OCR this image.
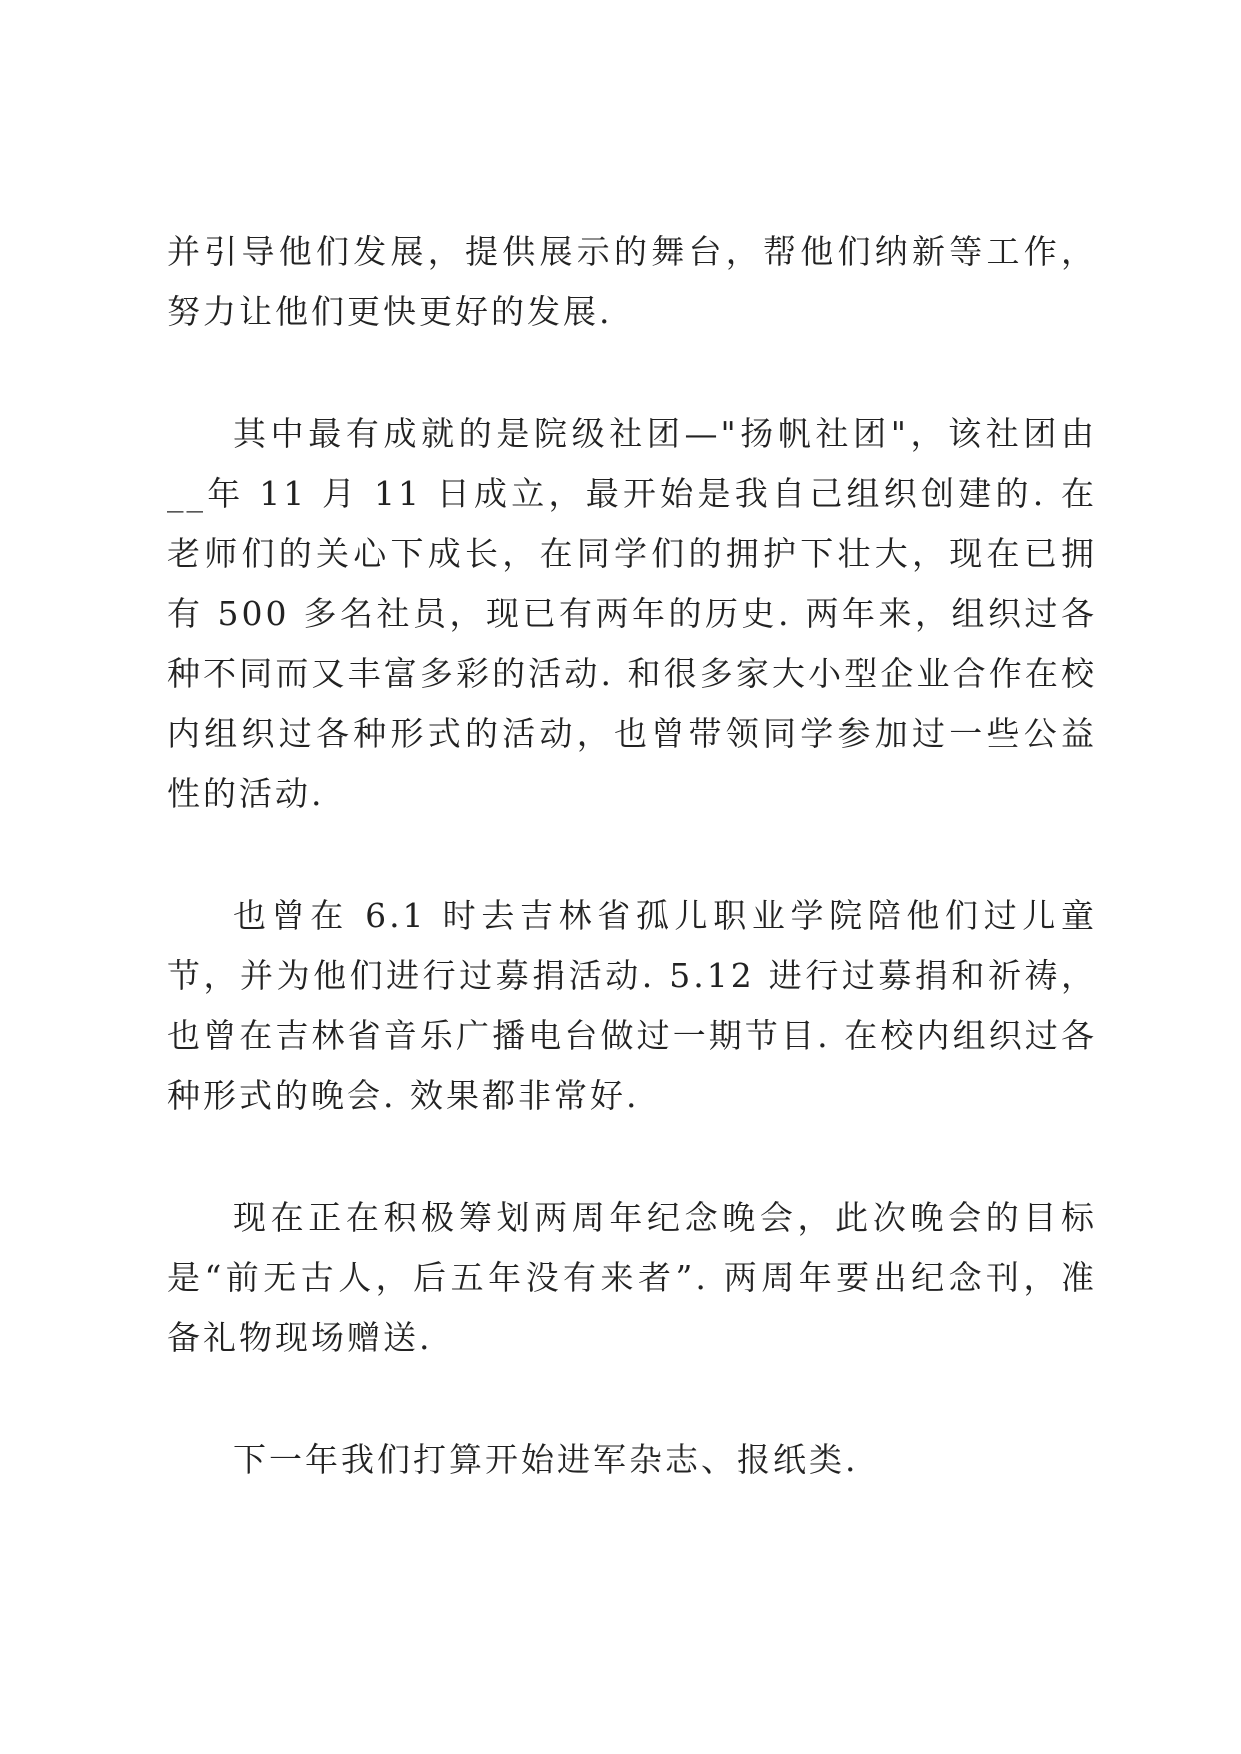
并引导他们发展，提供展示的舞台，帮他们纳新等工作，努力让他们更快更好的发展.

其中最有成就的是院级社团—"扬帆社团"，该社团由__年 11 月 11 日成立，最开始是我自己组织创建的. 在老师们的关心下成长，在同学们的拥护下壮大，现在已拥有 500 多名社员，现已有两年的历史. 两年来，组织过各种不同而又丰富多彩的活动. 和很多家大小型企业合作在校内组织过各种形式的活动，也曾带领同学参加过一些公益性的活动.

也曾在 6.1 时去吉林省孤儿职业学院陪他们过儿童节，并为他们进行过募捐活动. 5.12 进行过募捐和祈祷，也曾在吉林省音乐广播电台做过一期节目. 在校内组织过各种形式的晚会. 效果都非常好.

现在正在积极筹划两周年纪念晚会，此次晚会的目标是“前无古人，后五年没有来者”. 两周年要出纪念刊，准备礼物现场赠送.

下一年我们打算开始进军杂志、报纸类.
